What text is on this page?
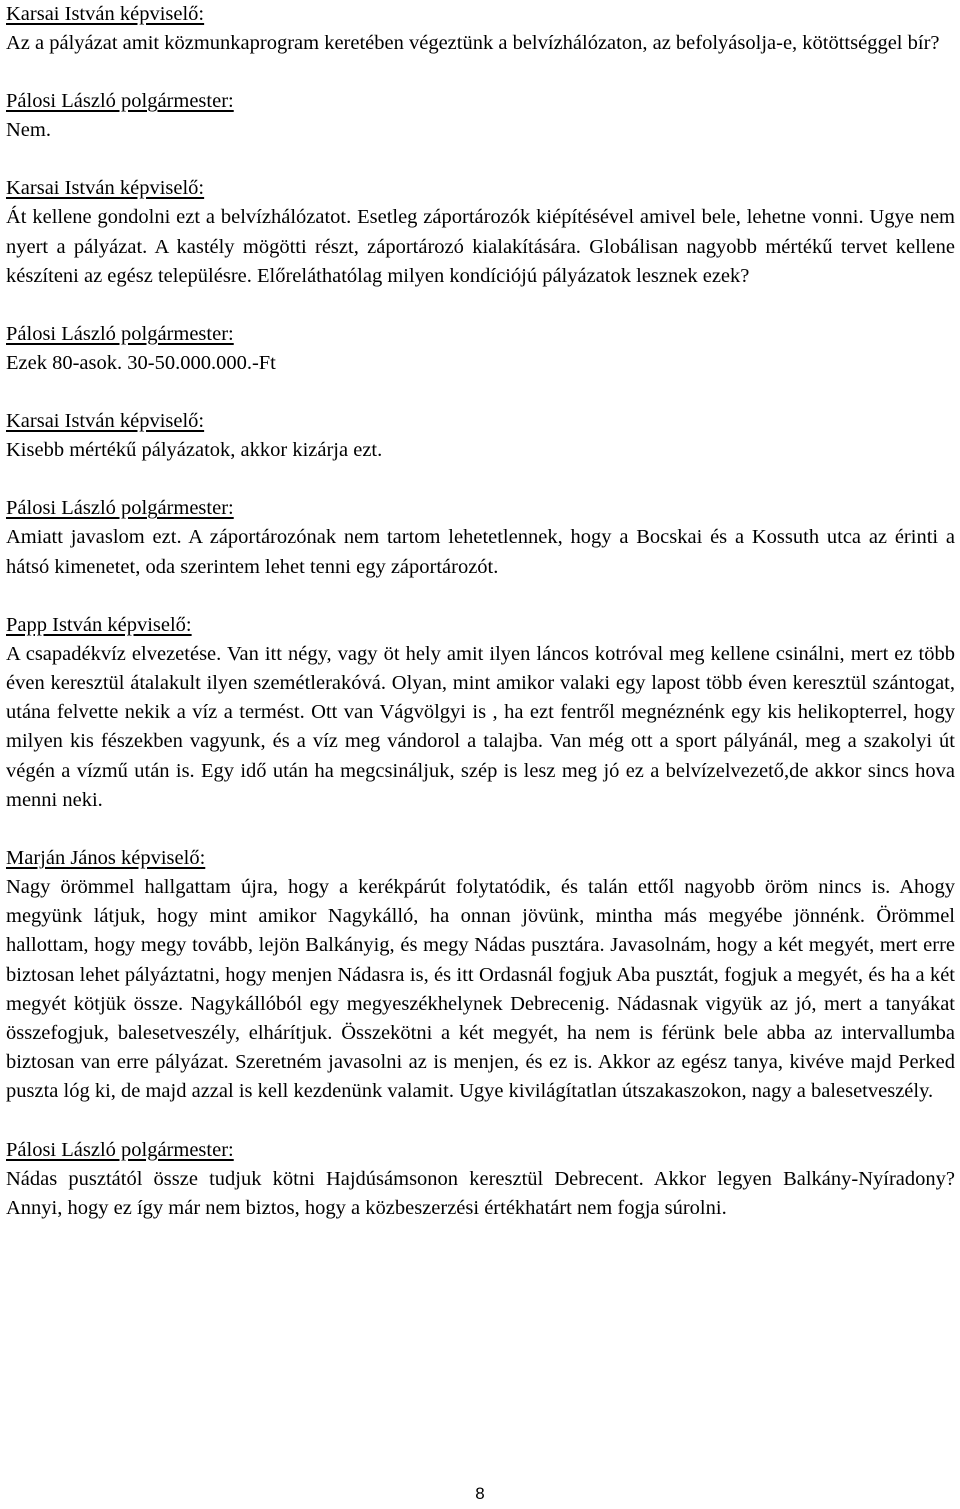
Karsai István képviselő:

Az a pályázat amit közmunkaprogram keretében végeztünk a belvízhálózaton, az befolyásolja-e, kötöttséggel bír?

Pálosi László polgármester:

Nem.

Karsai István képviselő:

Át kellene gondolni ezt a belvízhálózatot. Esetleg záportározók kiépítésével amivel bele, lehetne vonni. Ugye nem nyert a pályázat. A kastély mögötti részt, záportározó kialakítására. Globálisan nagyobb mértékű tervet kellene készíteni az egész településre. Előreláthatólag milyen kondíciójú pályázatok lesznek ezek?

Pálosi László polgármester:

Ezek 80-asok. 30-50.000.000.-Ft

Karsai István képviselő:

Kisebb mértékű pályázatok, akkor kizárja ezt.

Pálosi László polgármester:

Amiatt javaslom ezt. A záportározónak nem tartom lehetetlennek, hogy a Bocskai és a Kossuth utca az érinti a hátsó kimenetet, oda szerintem lehet tenni egy záportározót.

Papp István képviselő:

A csapadékvíz elvezetése. Van itt négy, vagy öt hely amit ilyen láncos kotróval meg kellene csinálni, mert ez több éven keresztül átalakult ilyen szemétlerakóvá. Olyan, mint amikor valaki egy lapost több éven keresztül szántogat, utána felvette nekik a víz a termést. Ott van Vágvölgyi is , ha ezt fentről megnéznénk egy kis helikopterrel, hogy milyen kis fészekben vagyunk, és a víz meg vándorol a talajba. Van még ott a sport pályánál, meg a szakolyi út végén a vízmű után is. Egy idő után ha megcsináljuk, szép is lesz meg jó ez a belvízelvezető,de akkor sincs hova menni neki.

Marján János képviselő:

Nagy örömmel hallgattam újra, hogy a kerékpárút folytatódik, és talán ettől nagyobb öröm nincs is. Ahogy megyünk látjuk, hogy mint amikor Nagykálló, ha onnan jövünk, mintha más megyébe jönnénk. Örömmel hallottam, hogy megy tovább, lejön Balkányig, és megy Nádas pusztára. Javasolnám, hogy a két megyét, mert erre biztosan lehet pályáztatni, hogy menjen Nádasra is, és itt Ordasnál fogjuk Aba pusztát, fogjuk a megyét, és ha a két megyét kötjük össze. Nagykállóból egy megyeszékhelynek Debrecenig. Nádasnak vigyük az jó, mert a tanyákat összefogjuk, balesetveszély, elhárítjuk. Összekötni a két megyét, ha nem is férünk bele abba az intervallumba biztosan van erre pályázat. Szeretném javasolni az is menjen, és ez is. Akkor az egész tanya, kivéve majd Perked puszta lóg ki, de majd azzal is kell kezdenünk valamit. Ugye kivilágítatlan útszakaszokon, nagy a balesetveszély.

Pálosi László polgármester:

Nádas pusztától össze tudjuk kötni Hajdúsámsonon keresztül Debrecent. Akkor legyen Balkány-Nyíradony? Annyi, hogy ez így már nem biztos, hogy a közbeszerzési értékhatárt nem fogja súrolni.

8
